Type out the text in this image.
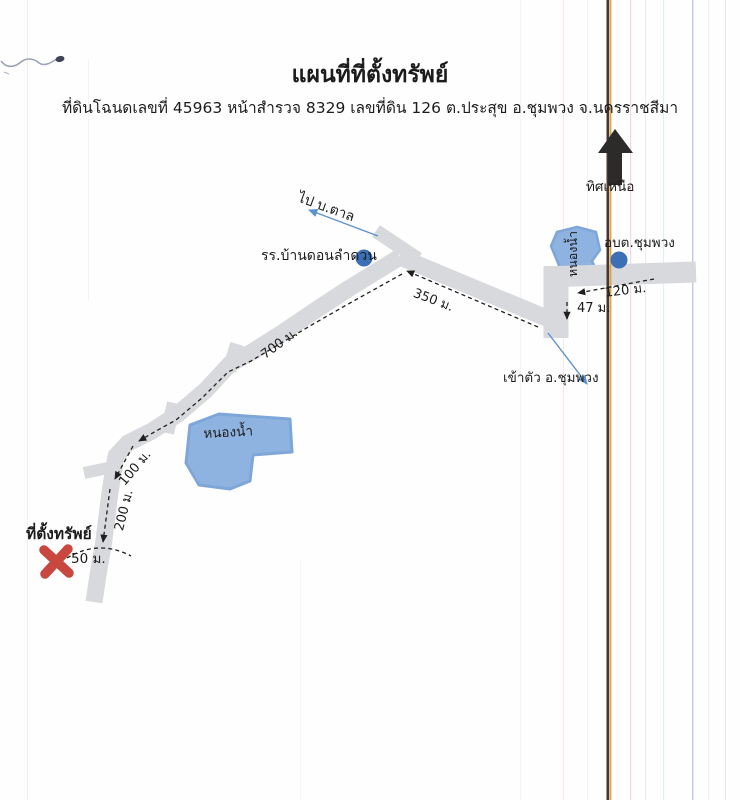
แผนที่ที่ตั้งทรัพย์
ที่ดินโฉนดเลขที่ 45963 หน้าสำรวจ 8329 เลขที่ดิน 126 ต.ประสุข อ.ชุมพวง จ.นครราชสีมา
ทิศเหนือ
ไป บ.ตาล
รร.บ้านดอนลำดวน
อบต.ชุมพวง
หนองน้ำ
350 ม.	120 ม.
47 ม.
เข้าตัว อ.ชุมพวง
700 ม.
หนองน้ำ
100 ม.
200 ม.
ที่ตั้งทรัพย์
50 ม.
